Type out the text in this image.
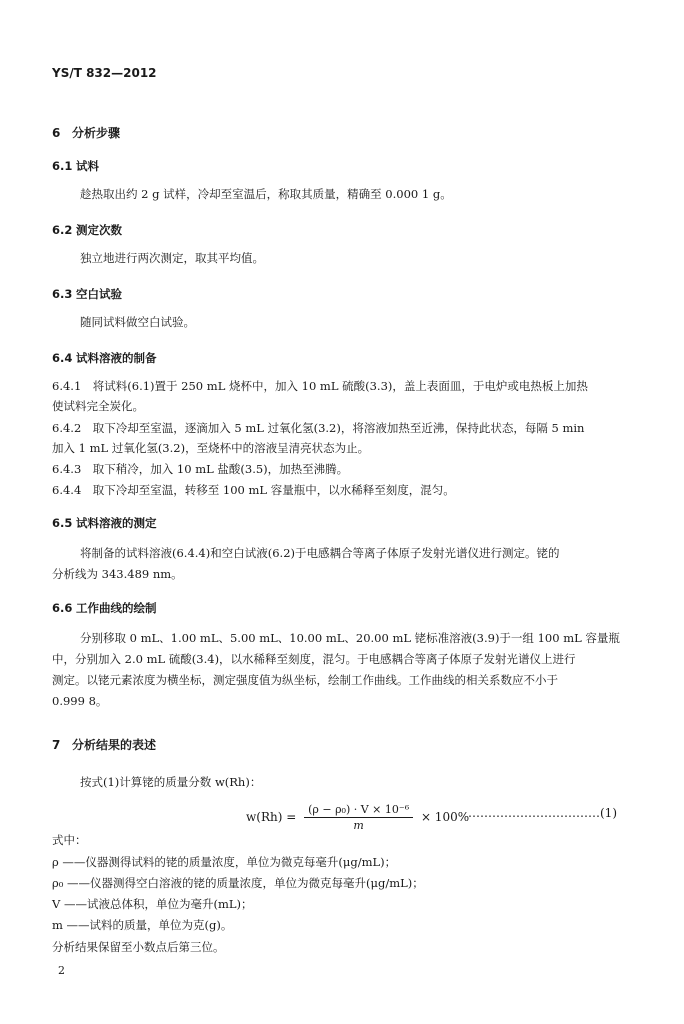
YS/T 832—2012
6 分析步骤
6.1 试料
趁热取出约 2 g 试样，冷却至室温后，称取其质量，精确至 0.000 1 g。
6.2 测定次数
独立地进行两次测定，取其平均值。
6.3 空白试验
随同试料做空白试验。
6.4 试料溶液的制备
6.4.1　将试料(6.1)置于 250 mL 烧杯中，加入 10 mL 硫酸(3.3)，盖上表面皿，于电炉或电热板上加热
使试料完全炭化。
6.4.2　取下冷却至室温，逐滴加入 5 mL 过氧化氢(3.2)，将溶液加热至近沸，保持此状态，每隔 5 min
加入 1 mL 过氧化氢(3.2)，至烧杯中的溶液呈清亮状态为止。
6.4.3　取下稍冷，加入 10 mL 盐酸(3.5)，加热至沸腾。
6.4.4　取下冷却至室温，转移至 100 mL 容量瓶中，以水稀释至刻度，混匀。
6.5 试料溶液的测定
将制备的试料溶液(6.4.4)和空白试液(6.2)于电感耦合等离子体原子发射光谱仪进行测定。铑的
分析线为 343.489 nm。
6.6 工作曲线的绘制
分别移取 0 mL、1.00 mL、5.00 mL、10.00 mL、20.00 mL 铑标准溶液(3.9)于一组 100 mL 容量瓶
中，分别加入 2.0 mL 硫酸(3.4)，以水稀释至刻度，混匀。于电感耦合等离子体原子发射光谱仪上进行
测定。以铑元素浓度为横坐标，测定强度值为纵坐标，绘制工作曲线。工作曲线的相关系数应不小于
0.999 8。
7 分析结果的表述
按式(1)计算铑的质量分数 w(Rh)：
$w(Rh) = \frac{\text{(ρ − ρ₀) · V × 10⁻⁶}}{m} \times 100\%$
……………………………(1)
式中：
ρ ——仪器测得试料的铑的质量浓度，单位为微克每毫升(μg/mL)；
ρ₀ ——仪器测得空白溶液的铑的质量浓度，单位为微克每毫升(μg/mL)；
V ——试液总体积，单位为毫升(mL)；
m ——试料的质量，单位为克(g)。
分析结果保留至小数点后第三位。
2
